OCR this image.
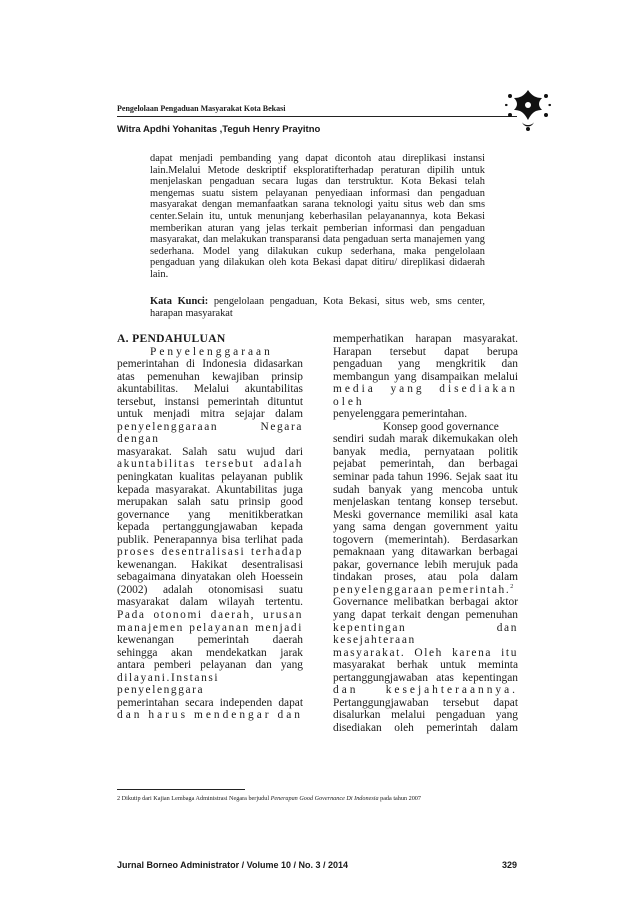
Pengelolaan Pengaduan Masyarakat Kota Bekasi
Witra Apdhi Yohanitas ,Teguh Henry Prayitno
dapat menjadi pembanding yang dapat dicontoh atau direplikasi instansi
lain.Melalui Metode deskriptif eksploratifterhadap peraturan dipilih untuk
menjelaskan pengaduan secara lugas dan terstruktur. Kota Bekasi telah
mengemas suatu sistem pelayanan penyediaan informasi dan pengaduan
masyarakat dengan memanfaatkan sarana teknologi yaitu situs web dan sms
center.Selain itu, untuk menunjang keberhasilan pelayanannya, kota Bekasi
memberikan aturan yang jelas terkait pemberian informasi dan pengaduan
masyarakat, dan melakukan transparansi data pengaduan serta manajemen yang
sederhana. Model yang dilakukan cukup sederhana, maka pengelolaan
pengaduan yang dilakukan oleh kota Bekasi dapat ditiru/ direplikasi didaerah
lain.
Kata Kunci: pengelolaan pengaduan, Kota Bekasi, situs web, sms center,
harapan masyarakat
A. PENDAHULUAN
Penyelenggaraan
pemerintahan di Indonesia didasarkan
atas pemenuhan kewajiban prinsip
akuntabilitas. Melalui akuntabilitas
tersebut, instansi pemerintah dituntut
untuk menjadi mitra sejajar dalam
penyelenggaraan Negara dengan
masyarakat. Salah satu wujud dari
akuntabilitas tersebut adalah
peningkatan kualitas pelayanan publik
kepada masyarakat. Akuntabilitas juga
merupakan salah satu prinsip good
governance yang menitikberatkan
kepada pertanggungjawaban kepada
publik. Penerapannya bisa terlihat pada
proses desentralisasi terhadap
kewenangan. Hakikat desentralisasi
sebagaimana dinyatakan oleh Hoessein
(2002) adalah otonomisasi suatu
masyarakat dalam wilayah tertentu.
Pada otonomi daerah, urusan
manajemen pelayanan menjadi
kewenangan pemerintah daerah
sehingga akan mendekatkan jarak
antara pemberi pelayanan dan yang
dilayani.Instansi penyelenggara
pemerintahan secara independen dapat
dan harus mendengar dan
memperhatikan harapan masyarakat.
Harapan tersebut dapat berupa
pengaduan yang mengkritik dan
membangun yang disampaikan melalui
media yang disediakan oleh
penyelenggara pemerintahan.
Konsep good governance
sendiri sudah marak dikemukakan oleh
banyak media, pernyataan politik
pejabat pemerintah, dan berbagai
seminar pada tahun 1996. Sejak saat itu
sudah banyak yang mencoba untuk
menjelaskan tentang konsep tersebut.
Meski governance memiliki asal kata
yang sama dengan government yaitu
togovern (memerintah). Berdasarkan
pemaknaan yang ditawarkan berbagai
pakar, governance lebih merujuk pada
tindakan proses, atau pola dalam
penyelenggaraan pemerintah.$^2$
Governance melibatkan berbagai aktor
yang dapat terkait dengan pemenuhan
kepentingan dan kesejahteraan
masyarakat. Oleh karena itu
masyarakat berhak untuk meminta
pertanggungjawaban atas kepentingan
dan kesejahteraannya.
Pertanggungjawaban tersebut dapat
disalurkan melalui pengaduan yang
disediakan oleh pemerintah dalam
2 Dikutip dari Kajian Lembaga Administrasi Negara berjudul Penerapan Good Governance Di Indonesia pada tahun 2007
Jurnal Borneo Administrator / Volume 10 / No. 3 / 2014	329
